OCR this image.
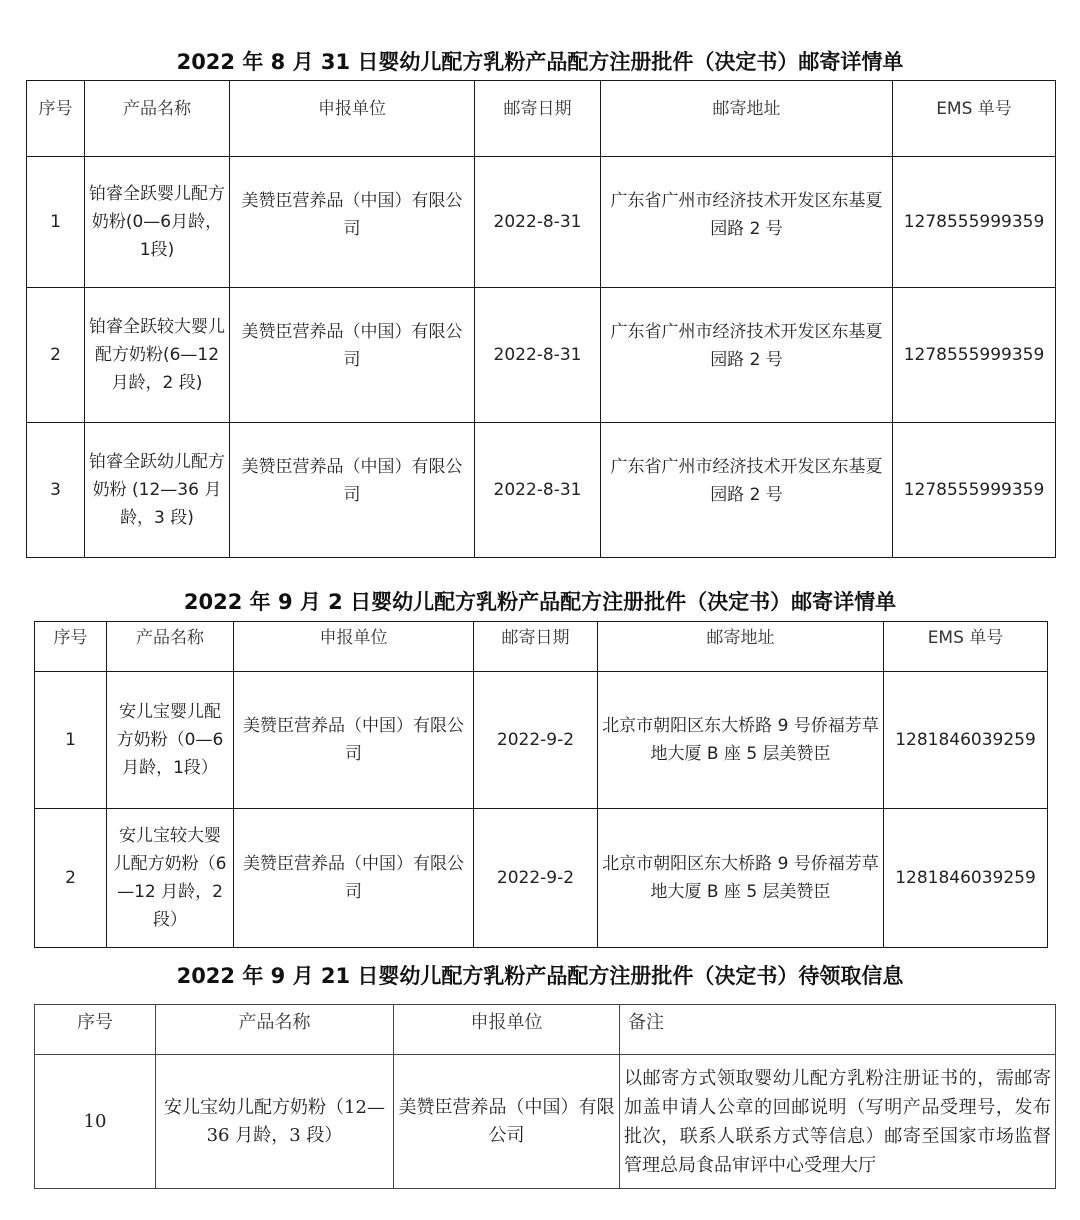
2022 年 8 月 31 日婴幼儿配方乳粉产品配方注册批件（决定书）邮寄详情单
序号	产品名称	申报单位	邮寄日期	邮寄地址	EMS 单号
1	铂睿全跃婴儿配方奶粉(0—6月龄，1段)	美赞臣营养品（中国）有限公司	2022-8-31	广东省广州市经济技术开发区东基夏园路 2 号	1278555999359
2	铂睿全跃较大婴儿配方奶粉(6—12 月龄，2 段)	美赞臣营养品（中国）有限公司	2022-8-31	广东省广州市经济技术开发区东基夏园路 2 号	1278555999359
3	铂睿全跃幼儿配方奶粉 (12—36 月龄，3 段)	美赞臣营养品（中国）有限公司	2022-8-31	广东省广州市经济技术开发区东基夏园路 2 号	1278555999359
2022 年 9 月 2 日婴幼儿配方乳粉产品配方注册批件（决定书）邮寄详情单
序号	产品名称	申报单位	邮寄日期	邮寄地址	EMS 单号
1	安儿宝婴儿配方奶粉（0—6 月龄，1段）	美赞臣营养品（中国）有限公司	2022-9-2	北京市朝阳区东大桥路 9 号侨福芳草地大厦 B 座 5 层美赞臣	1281846039259
2	安儿宝较大婴儿配方奶粉（6—12 月龄，2 段）	美赞臣营养品（中国）有限公司	2022-9-2	北京市朝阳区东大桥路 9 号侨福芳草地大厦 B 座 5 层美赞臣	1281846039259
2022 年 9 月 21 日婴幼儿配方乳粉产品配方注册批件（决定书）待领取信息
序号	产品名称	申报单位	备注
10	安儿宝幼儿配方奶粉（12—36 月龄，3 段）	美赞臣营养品（中国）有限公司	以邮寄方式领取婴幼儿配方乳粉注册证书的，需邮寄加盖申请人公章的回邮说明（写明产品受理号，发布批次，联系人联系方式等信息）邮寄至国家市场监督管理总局食品审评中心受理大厅
